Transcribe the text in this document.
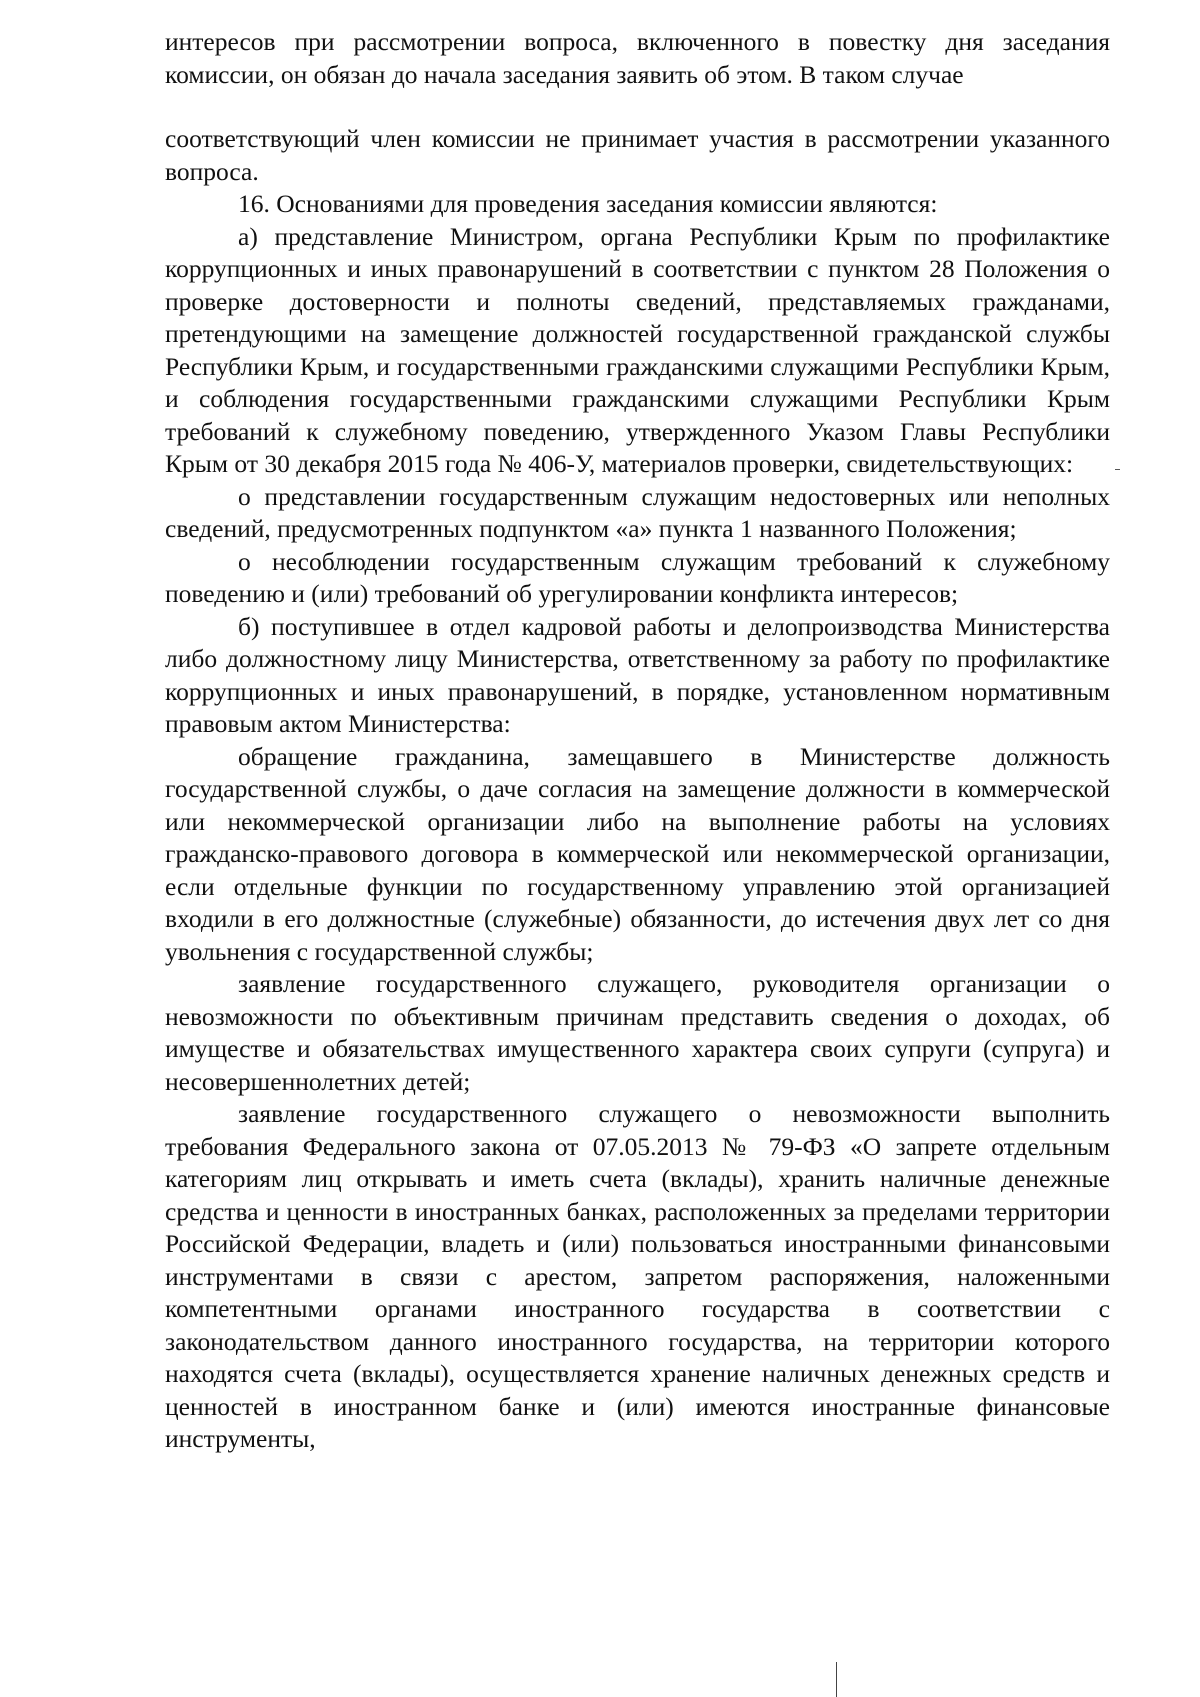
интересов при рассмотрении вопроса, включенного в повестку дня заседания комиссии, он обязан до начала заседания заявить об этом. В таком случае

соответствующий член комиссии не принимает участия в рассмотрении указанного вопроса.

16. Основаниями для проведения заседания комиссии являются:

а) представление Министром, органа Республики Крым по профилактике коррупционных и иных правонарушений в соответствии с пунктом 28 Положения о проверке достоверности и полноты сведений, представляемых гражданами, претендующими на замещение должностей государственной гражданской службы Республики Крым, и государственными гражданскими служащими Республики Крым, и соблюдения государственными гражданскими служащими Республики Крым требований к служебному поведению, утвержденного Указом Главы Республики Крым от 30 декабря 2015 года № 406-У, материалов проверки, свидетельствующих:

о представлении государственным служащим недостоверных или неполных сведений, предусмотренных подпунктом «а» пункта 1 названного Положения;

о несоблюдении государственным служащим требований к служебному поведению и (или) требований об урегулировании конфликта интересов;

б) поступившее в отдел кадровой работы и делопроизводства Министерства либо должностному лицу Министерства, ответственному за работу по профилактике коррупционных и иных правонарушений, в порядке, установленном нормативным правовым актом Министерства:

обращение гражданина, замещавшего в Министерстве должность государственной службы, о даче согласия на замещение должности в коммерческой или некоммерческой организации либо на выполнение работы на условиях гражданско-правового договора в коммерческой или некоммерческой организации, если отдельные функции по государственному управлению этой организацией входили в его должностные (служебные) обязанности, до истечения двух лет со дня увольнения с государственной службы;

заявление государственного служащего, руководителя организации о невозможности по объективным причинам представить сведения о доходах, об имуществе и обязательствах имущественного характера своих супруги (супруга) и несовершеннолетних детей;

заявление государственного служащего о невозможности выполнить требования Федерального закона от 07.05.2013 № 79-ФЗ «О запрете отдельным категориям лиц открывать и иметь счета (вклады), хранить наличные денежные средства и ценности в иностранных банках, расположенных за пределами территории Российской Федерации, владеть и (или) пользоваться иностранными финансовыми инструментами в связи с арестом, запретом распоряжения, наложенными компетентными органами иностранного государства в соответствии с законодательством данного иностранного государства, на территории которого находятся счета (вклады), осуществляется хранение наличных денежных средств и ценностей в иностранном банке и (или) имеются иностранные финансовые инструменты,
